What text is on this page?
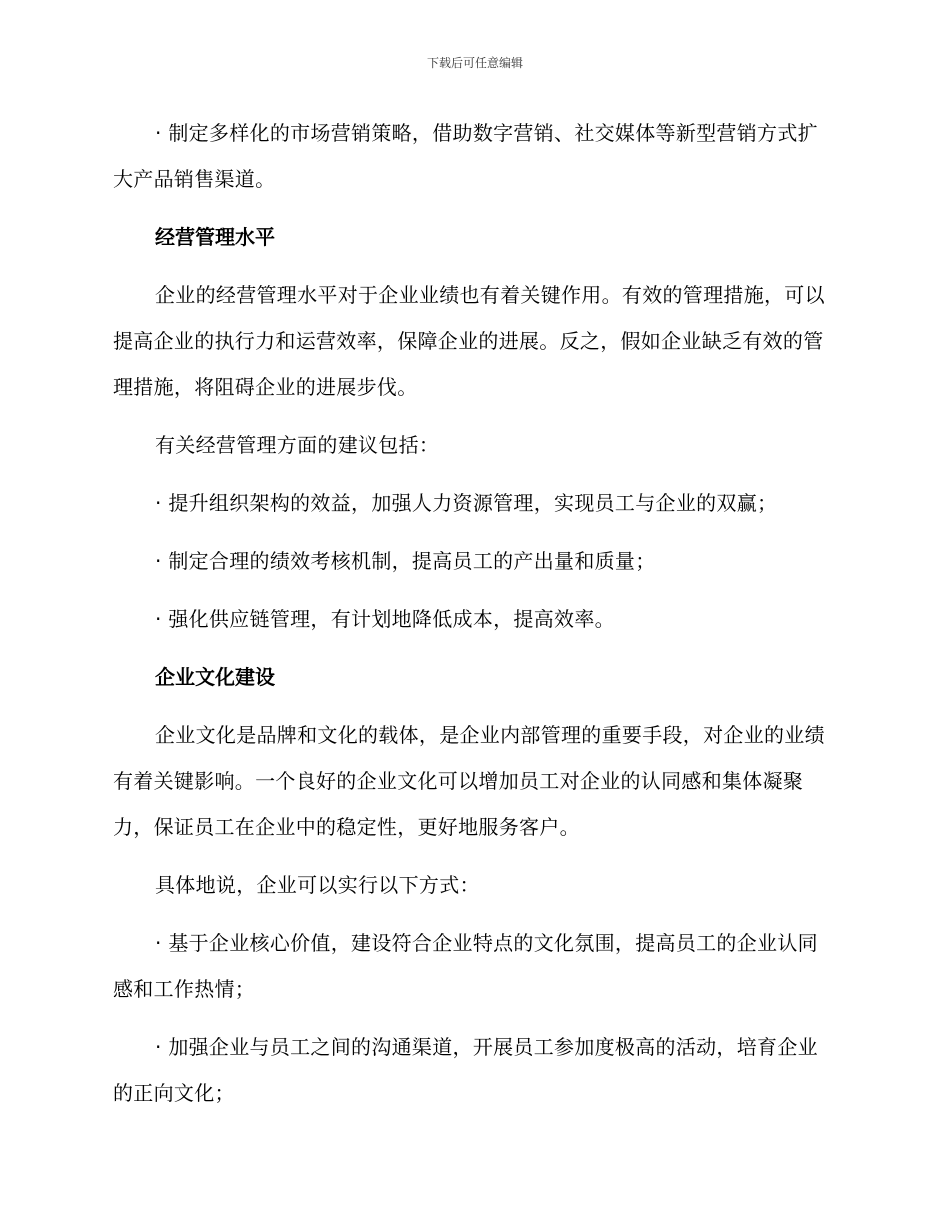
下载后可任意编辑

· 制定多样化的市场营销策略，借助数字营销、社交媒体等新型营销方式扩大产品销售渠道。

经营管理水平

企业的经营管理水平对于企业业绩也有着关键作用。有效的管理措施，可以提高企业的执行力和运营效率，保障企业的进展。反之，假如企业缺乏有效的管理措施，将阻碍企业的进展步伐。

有关经营管理方面的建议包括：

· 提升组织架构的效益，加强人力资源管理，实现员工与企业的双赢；

· 制定合理的绩效考核机制，提高员工的产出量和质量；

· 强化供应链管理，有计划地降低成本，提高效率。

企业文化建设

企业文化是品牌和文化的载体，是企业内部管理的重要手段，对企业的业绩有着关键影响。一个良好的企业文化可以增加员工对企业的认同感和集体凝聚力，保证员工在企业中的稳定性，更好地服务客户。

具体地说，企业可以实行以下方式：

· 基于企业核心价值，建设符合企业特点的文化氛围，提高员工的企业认同感和工作热情；

· 加强企业与员工之间的沟通渠道，开展员工参加度极高的活动，培育企业的正向文化；
